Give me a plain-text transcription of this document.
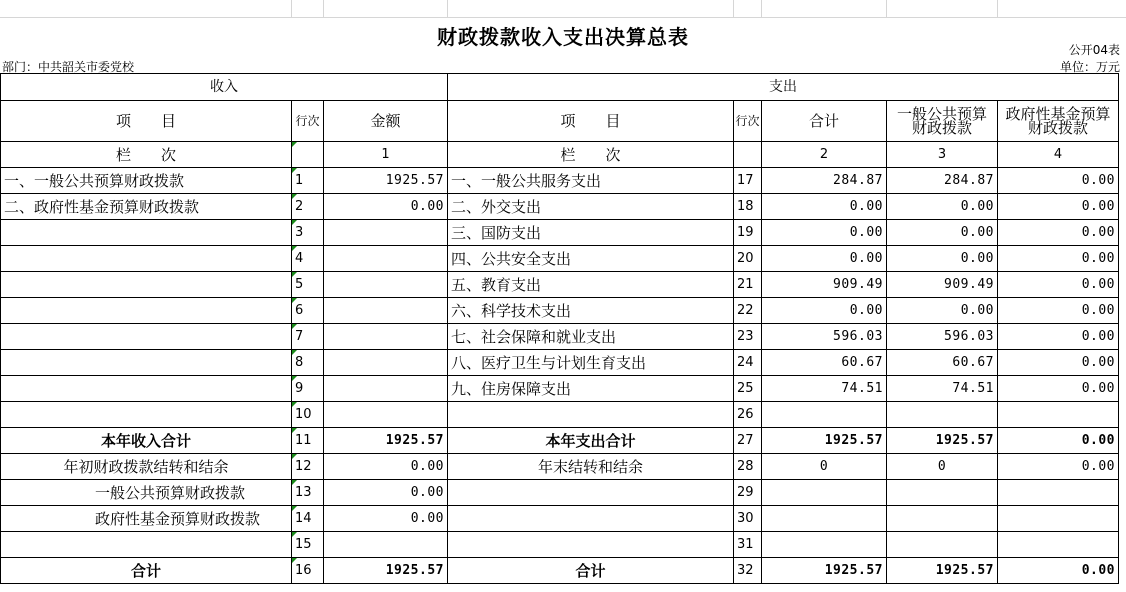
财政拨款收入支出决算总表
公开04表
部门：中共韶关市委党校	单位：万元
收入			支出				
项　　目	行次	金额	项　　目	行次	合计	一般公共预算财政拨款	政府性基金预算财政拨款
栏　　次		1	栏　　次		2	3	4
一、一般公共预算财政拨款	1	1925.57	一、一般公共服务支出	17	284.87	284.87	0.00
二、政府性基金预算财政拨款	2	0.00	二、外交支出	18	0.00	0.00	0.00
	3		三、国防支出	19	0.00	0.00	0.00
	4		四、公共安全支出	20	0.00	0.00	0.00
	5		五、教育支出	21	909.49	909.49	0.00
	6		六、科学技术支出	22	0.00	0.00	0.00
	7		七、社会保障和就业支出	23	596.03	596.03	0.00
	8		八、医疗卫生与计划生育支出	24	60.67	60.67	0.00
	9		九、住房保障支出	25	74.51	74.51	0.00
	10			26			
本年收入合计	11	1925.57	本年支出合计	27	1925.57	1925.57	0.00
年初财政拨款结转和结余	12	0.00	年末结转和结余	28	0	0	0.00
一般公共预算财政拨款	13	0.00		29			
政府性基金预算财政拨款	14	0.00		30			
	15			31			
合计	16	1925.57	合计	32	1925.57	1925.57	0.00
